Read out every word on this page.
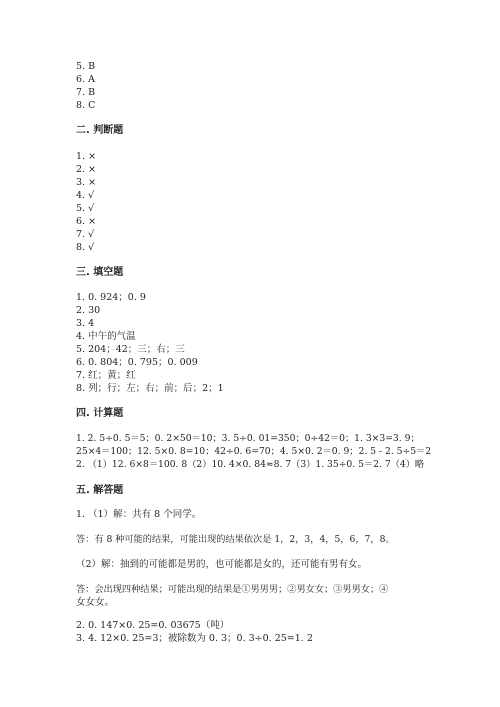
5. B
6. A
7. B
8. C
二. 判断题
1. ×
2. ×
3. ×
4. √
5. √
6. ×
7. √
8. √
三. 填空题
1. 0. 924；0. 9
2. 30
3. 4
4. 中午的气温
5. 204；42；三；右；三
6. 0. 804；0. 795；0. 009
7. 红；黄；红
8. 列；行；左；右；前；后；2；1
四. 计算题
1. 2. 5÷0. 5＝5；0. 2×50＝10；3. 5÷0. 01=350；0÷42＝0；1. 3×3=3. 9；
25×4＝100；12. 5×0. 8=10；42÷0. 6=70；4. 5×0. 2＝0. 9；2. 5 - 2. 5÷5＝2
2. （1）12. 6×8＝100. 8（2）10. 4×0. 84≈8. 7（3）1. 35÷0. 5＝2. 7（4）略
五. 解答题
1. （1）解：共有 8 个同学。
答：有 8 种可能的结果，可能出现的结果依次是 1，2，3，4，5，6，7，8。
（2）解：抽到的可能都是男的，也可能都是女的，还可能有男有女。
答：会出现四种结果；可能出现的结果是①男男男；②男女女；③男男女；④
女女女。
2. 0. 147×0. 25=0. 03675（吨）
3. 4. 12×0. 25=3；被除数为 0. 3；0. 3÷0. 25=1. 2
